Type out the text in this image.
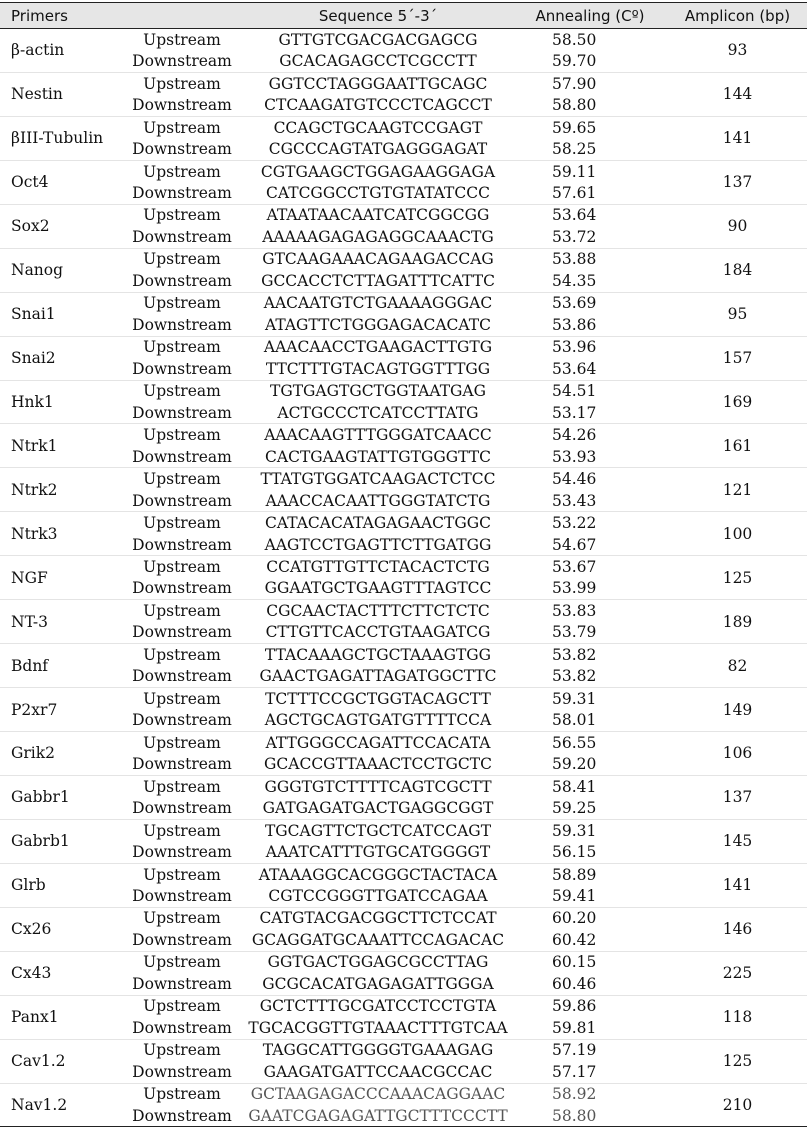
Primers		Sequence 5´-3´	Annealing (Cº)	Amplicon (bp)
β-actin	Upstream	GTTGTCGACGACGAGCG	58.50	93
	Downstream	GCACAGAGCCTCGCCTT	59.70	
Nestin	Upstream	GGTCCTAGGGAATTGCAGC	57.90	144
	Downstream	CTCAAGATGTCCCTCAGCCT	58.80	
βIII-Tubulin	Upstream	CCAGCTGCAAGTCCGAGT	59.65	141
	Downstream	CGCCCAGTATGAGGGAGAT	58.25	
Oct4	Upstream	CGTGAAGCTGGAGAAGGAGA	59.11	137
	Downstream	CATCGGCCTGTGTATATCCC	57.61	
Sox2	Upstream	ATAATAACAATCATCGGCGG	53.64	90
	Downstream	AAAAAGAGAGAGGCAAACTG	53.72	
Nanog	Upstream	GTCAAGAAACAGAAGACCAG	53.88	184
	Downstream	GCCACCTCTTAGATTTCATTC	54.35	
Snai1	Upstream	AACAATGTCTGAAAAGGGAC	53.69	95
	Downstream	ATAGTTCTGGGAGACACATC	53.86	
Snai2	Upstream	AAACAACCTGAAGACTTGTG	53.96	157
	Downstream	TTCTTTGTACAGTGGTTTGG	53.64	
Hnk1	Upstream	TGTGAGTGCTGGTAATGAG	54.51	169
	Downstream	ACTGCCCTCATCCTTATG	53.17	
Ntrk1	Upstream	AAACAAGTTTGGGATCAACC	54.26	161
	Downstream	CACTGAAGTATTGTGGGTTC	53.93	
Ntrk2	Upstream	TTATGTGGATCAAGACTCTCC	54.46	121
	Downstream	AAACCACAATTGGGTATCTG	53.43	
Ntrk3	Upstream	CATACACATAGAGAACTGGC	53.22	100
	Downstream	AAGTCCTGAGTTCTTGATGG	54.67	
NGF	Upstream	CCATGTTGTTCTACACTCTG	53.67	125
	Downstream	GGAATGCTGAAGTTTAGTCC	53.99	
NT-3	Upstream	CGCAACTACTTTCTTCTCTC	53.83	189
	Downstream	CTTGTTCACCTGTAAGATCG	53.79	
Bdnf	Upstream	TTACAAAGCTGCTAAAGTGG	53.82	82
	Downstream	GAACTGAGATTAGATGGCTTC	53.82	
P2xr7	Upstream	TCTTTCCGCTGGTACAGCTT	59.31	149
	Downstream	AGCTGCAGTGATGTTTTCCA	58.01	
Grik2	Upstream	ATTGGGCCAGATTCCACATA	56.55	106
	Downstream	GCACCGTTAAACTCCTGCTC	59.20	
Gabbr1	Upstream	GGGTGTCTTTTCAGTCGCTT	58.41	137
	Downstream	GATGAGATGACTGAGGCGGT	59.25	
Gabrb1	Upstream	TGCAGTTCTGCTCATCCAGT	59.31	145
	Downstream	AAATCATTTGTGCATGGGGT	56.15	
Glrb	Upstream	ATAAAGGCACGGGCTACTACA	58.89	141
	Downstream	CGTCCGGGTTGATCCAGAA	59.41	
Cx26	Upstream	CATGTACGACGGCTTCTCCAT	60.20	146
	Downstream	GCAGGATGCAAATTCCAGACAC	60.42	
Cx43	Upstream	GGTGACTGGAGCGCCTTAG	60.15	225
	Downstream	GCGCACATGAGAGATTGGGA	60.46	
Panx1	Upstream	GCTCTTTGCGATCCTCCTGTA	59.86	118
	Downstream	TGCACGGTTGTAAACTTTGTCAA	59.81	
Cav1.2	Upstream	TAGGCATTGGGGTGAAAGAG	57.19	125
	Downstream	GAAGATGATTCCAACGCCAC	57.17	
Nav1.2	Upstream	GCTAAGAGACCCAAACAGGAAC	58.92	210
	Downstream	GAATCGAGAGATTGCTTTCCCTT	58.80	
